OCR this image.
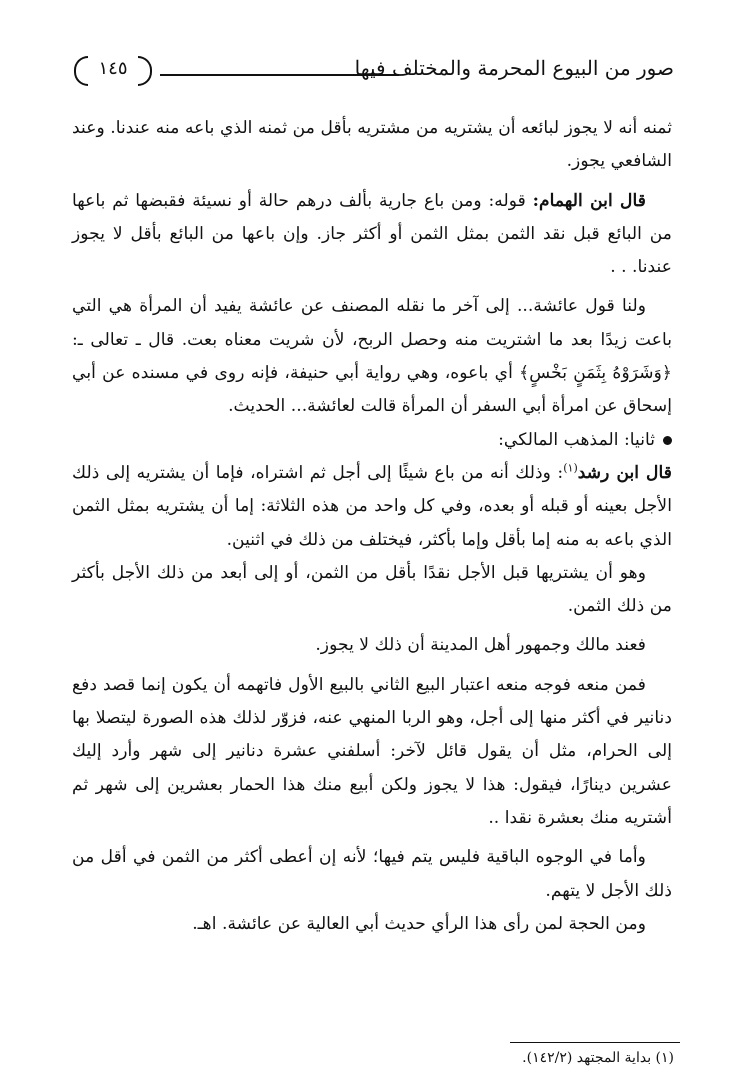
صور من البيوع المحرمة والمختلف فيها
١٤٥

ثمنه أنه لا يجوز لبائعه أن يشتريه من مشتريه بأقل من ثمنه الذي باعه منه عندنا. وعند الشافعي يجوز.

قال ابن الهمام: قوله: ومن باع جارية بألف درهم حالة أو نسيئة فقبضها ثم باعها من البائع قبل نقد الثمن بمثل الثمن أو أكثر جاز. وإن باعها من البائع بأقل لا يجوز عندنا. . .

ولنا قول عائشة... إلى آخر ما نقله المصنف عن عائشة يفيد أن المرأة هي التي باعت زيدًا بعد ما اشتريت منه وحصل الربح، لأن شريت معناه بعت. قال ـ تعالى ـ: ﴿وَشَرَوْهُ بِثَمَنٍ بَخْسٍ﴾ أي باعوه، وهي رواية أبي حنيفة، فإنه روى في مسنده عن أبي إسحاق عن امرأة أبي السفر أن المرأة قالت لعائشة... الحديث.

ثانيا: المذهب المالكي:

قال ابن رشد$^{(١)}$: وذلك أنه من باع شيئًا إلى أجل ثم اشتراه، فإما أن يشتريه إلى ذلك الأجل بعينه أو قبله أو بعده، وفي كل واحد من هذه الثلاثة: إما أن يشتريه بمثل الثمن الذي باعه به منه إما بأقل وإما بأكثر، فيختلف من ذلك في اثنين.

وهو أن يشتريها قبل الأجل نقدًا بأقل من الثمن، أو إلى أبعد من ذلك الأجل بأكثر من ذلك الثمن.

فعند مالك وجمهور أهل المدينة أن ذلك لا يجوز.

فمن منعه فوجه منعه اعتبار البيع الثاني بالبيع الأول فاتهمه أن يكون إنما قصد دفع دنانير في أكثر منها إلى أجل، وهو الربا المنهي عنه، فزوّر لذلك هذه الصورة ليتصلا بها إلى الحرام، مثل أن يقول قائل لآخر: أسلفني عشرة دنانير إلى شهر وأرد إليك عشرين دينارًا، فيقول: هذا لا يجوز ولكن أبيع منك هذا الحمار بعشرين إلى شهر ثم أشتريه منك بعشرة نقدا ..

وأما في الوجوه الباقية فليس يتم فيها؛ لأنه إن أعطى أكثر من الثمن في أقل من ذلك الأجل لا يتهم.

ومن الحجة لمن رأى هذا الرأي حديث أبي العالية عن عائشة. اهـ.

(١) بداية المجتهد (١٤٢/٢).
